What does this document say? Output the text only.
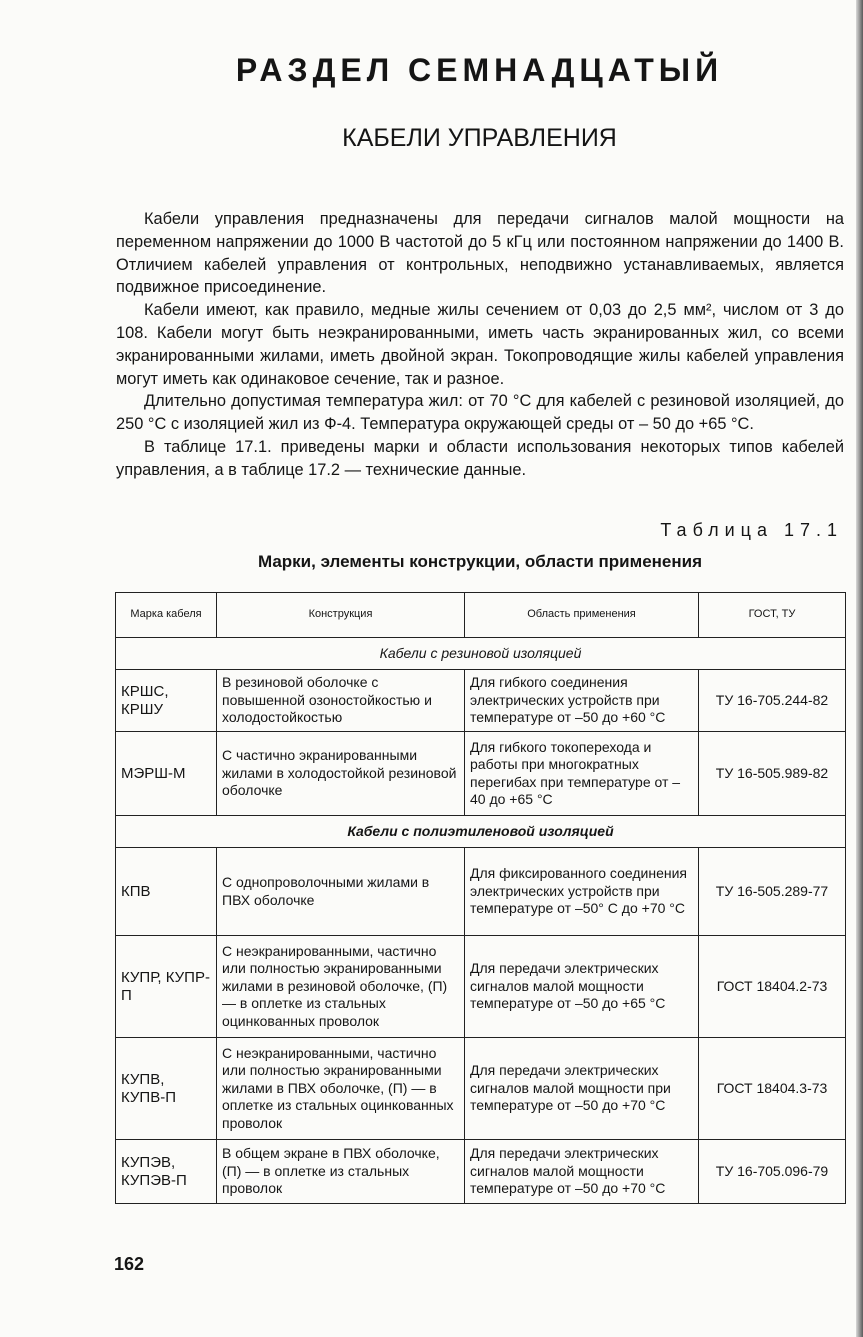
РАЗДЕЛ СЕМНАДЦАТЫЙ
КАБЕЛИ УПРАВЛЕНИЯ

Кабели управления предназначены для передачи сигналов малой мощности на переменном напряжении до 1000 В частотой до 5 кГц или постоянном напряжении до 1400 В. Отличием кабелей управления от контрольных, неподвижно устанавливаемых, является подвижное присоединение.

Кабели имеют, как правило, медные жилы сечением от 0,03 до 2,5 мм², числом от 3 до 108. Кабели могут быть неэкранированными, иметь часть экранированных жил, со всеми экранированными жилами, иметь двойной экран. Токопроводящие жилы кабелей управления могут иметь как одинаковое сечение, так и разное.

Длительно допустимая температура жил: от 70 °С для кабелей с резиновой изоляцией, до 250 °С с изоляцией жил из Ф-4. Температура окружающей среды от – 50 до +65 °С.

В таблице 17.1. приведены марки и области использования некоторых типов кабелей управления, а в таблице 17.2 — технические данные.

Таблица 17.1
Марки, элементы конструкции, области применения
Марка кабеля	Конструкция	Область применения	ГОСТ, ТУ
Кабели с резиновой изоляцией			
КРШС, КРШУ	В резиновой оболочке с повышенной озоностойкостью и холодостойкостью	Для гибкого соединения электрических устройств при температуре от –50 до +60 °С	ТУ 16-705.244-82
МЭРШ-М	С частично экранированными жилами в холодостойкой резиновой оболочке	Для гибкого токоперехода и работы при многократных перегибах при температуре от –40 до +65 °С	ТУ 16-505.989-82
Кабели с полиэтиленовой изоляцией			
КПВ	С однопроволочными жилами в ПВХ оболочке	Для фиксированного соединения электрических устройств при температуре от –50° С до +70 °С	ТУ 16-505.289-77
КУПР, КУПР-П	С неэкранированными, частично или полностью экранированными жилами в резиновой оболочке, (П) — в оплетке из стальных оцинкованных проволок	Для передачи электрических сигналов малой мощности температуре от –50 до +65 °С	ГОСТ 18404.2-73
КУПВ, КУПВ-П	С неэкранированными, частично или полностью экранированными жилами в ПВХ оболочке, (П) — в оплетке из стальных оцинкованных проволок	Для передачи электрических сигналов малой мощности при температуре от –50 до +70 °С	ГОСТ 18404.3-73
КУПЭВ, КУПЭВ-П	В общем экране в ПВХ оболочке, (П) — в оплетке из стальных проволок	Для передачи электрических сигналов малой мощности температуре от –50 до +70 °С	ТУ 16-705.096-79
162
